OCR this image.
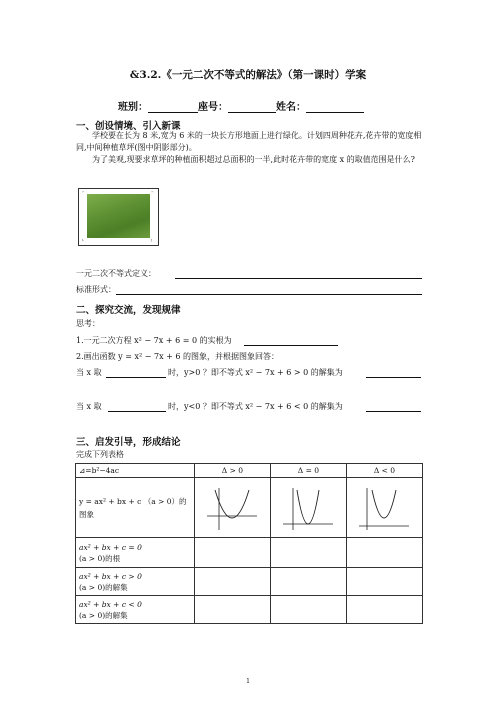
&3.2.《一元二次不等式的解法》（第一课时）学案
班别：	座号：	姓名：
一、创设情境、引入新课
学校要在长为 8 米,宽为 6 米的一块长方形地面上进行绿化。计划四周种花卉,花卉带的宽度相同,中间种植草坪(图中阴影部分)。
为了美观,现要求草坪的种植面积超过总面积的一半,此时花卉带的宽度 x 的取值范围是什么?
⌐	¬
L	J
一元二次不等式定义：
标准形式：
二、探究交流，发现规律
思考：
1.一元二次方程 x² − 7x + 6 = 0 的实根为
2.画出函数 y = x² − 7x + 6 的图象，并根据图象回答：
当 x 取	时，y>0 ？即不等式 x² − 7x + 6 > 0 的解集为
当 x 取	时，y<0 ？即不等式 x² − 7x + 6 < 0 的解集为
三、启发引导，形成结论
完成下列表格
⊿=b²−4ac	Δ > 0	Δ = 0	Δ < 0
y = ax² + bx + c （a > 0）的图象	

ax² + bx + c = 0
(a > 0)的根			

ax² + bx + c > 0
(a > 0)的解集			

ax² + bx + c < 0
(a > 0)的解集			

1
